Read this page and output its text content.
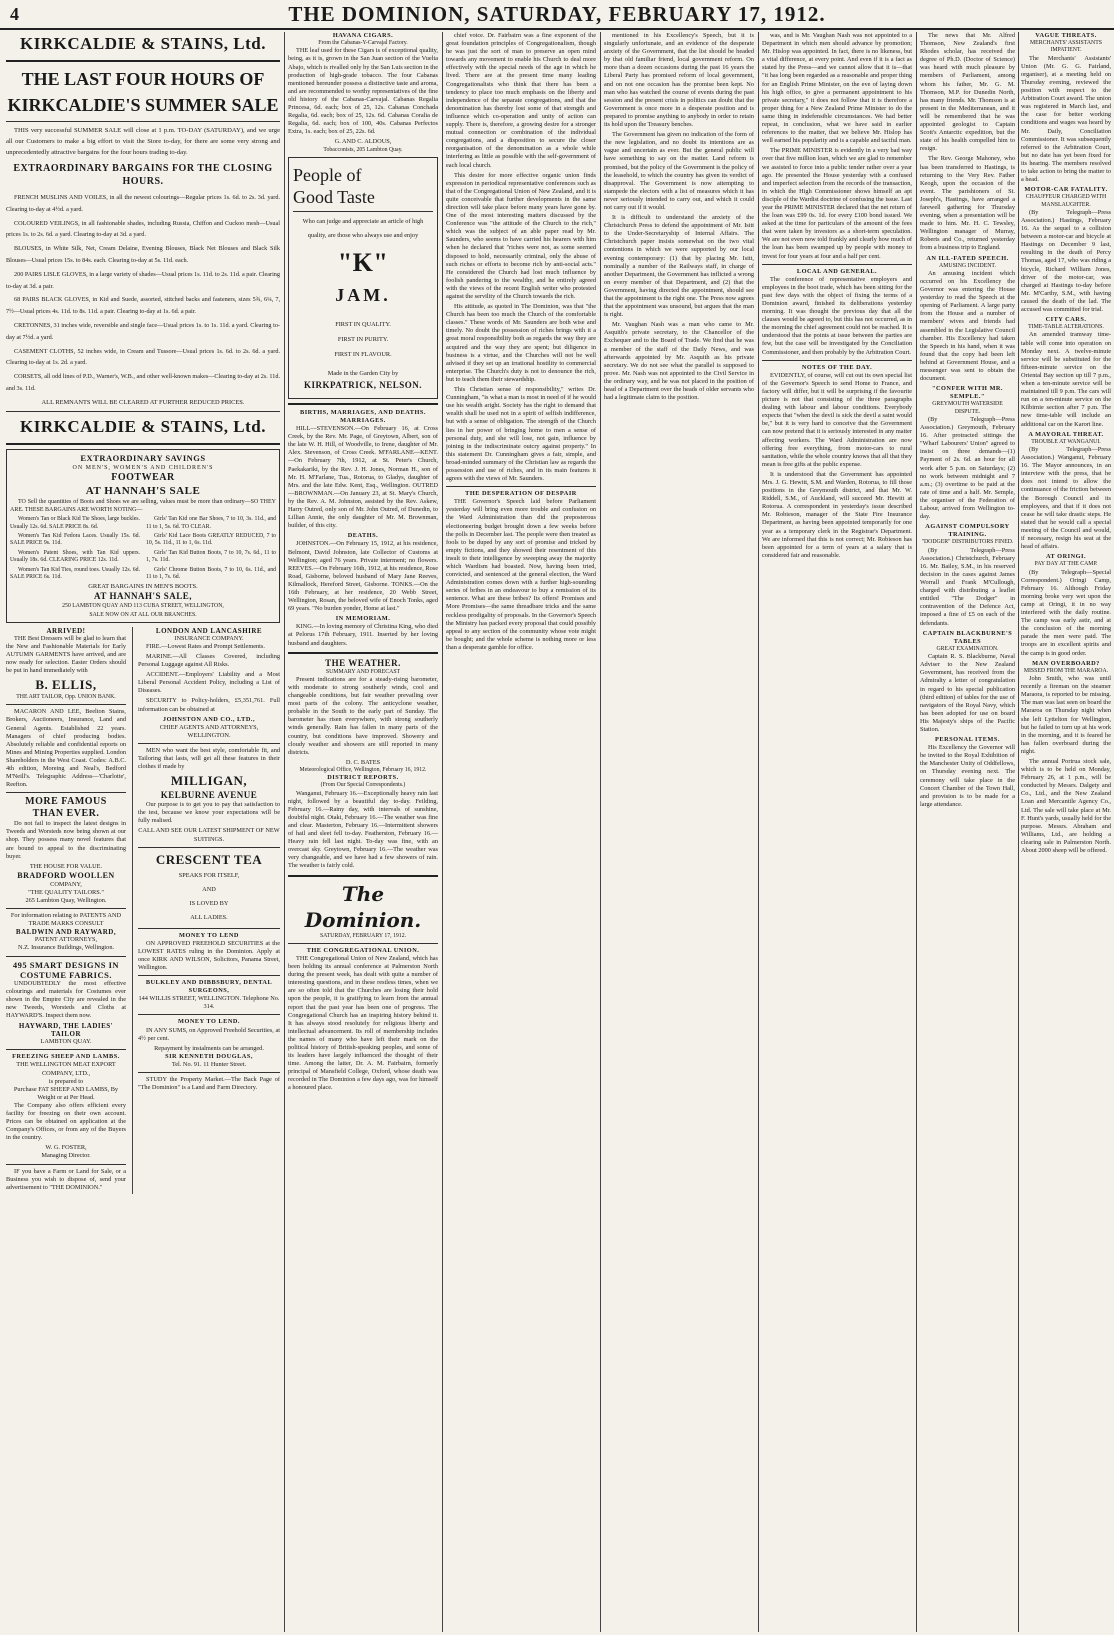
4	THE DOMINION, SATURDAY, FEBRUARY 17, 1912.
KIRKCALDIE & STAINS, Ltd.
THE LAST FOUR HOURS OF
KIRKCALDIE'S SUMMER SALE

THIS very successful SUMMER SALE will close at 1 p.m. TO-DAY (SATURDAY), and we urge all our Customers to make a big effort to visit the Store to-day, for there are some very strong and unprecedentedly attractive bargains for the four hours trading to-day.

EXTRAORDINARY BARGAINS FOR THE CLOSING HOURS.

FRENCH MUSLINS AND VOILES, in all the newest colourings—Regular prices 1s. 6d. to 2s. 3d. yard. Clearing to-day at 4½d. a yard.

COLOURED VEILINGS, in all fashionable shades, including Russia, Chiffon and Cuckoo mesh—Usual prices 1s. to 2s. 6d. a yard. Clearing to-day at 3d. a yard.

BLOUSES, in White Silk, Net, Cream Delaine, Evening Blouses, Black Net Blouses and Black Silk Blouses—Usual prices 15s. to 84s. each. Clearing to-day at 5s. 11d. each.

200 PAIRS LISLE GLOVES, in a large variety of shades—Usual prices 1s. 11d. to 2s. 11d. a pair. Clearing to-day at 3d. a pair.

68 PAIRS BLACK GLOVES, in Kid and Suede, assorted, stitched backs and fasteners, sizes 5¾, 6¼, 7, 7½—Usual prices 4s. 11d. to 8s. 11d. a pair. Clearing to-day at 1s. 6d. a pair.

CRETONNES, 31 inches wide, reversible and single face—Usual prices 1s. to 1s. 11d. a yard. Clearing to-day at 7½d. a yard.

CASEMENT CLOTHS, 52 inches wide, in Cream and Tussore—Usual prices 1s. 6d. to 2s. 6d. a yard. Clearing to-day at 1s. 2d. a yard.

CORSETS, all odd lines of P.D., Warner's, W.B., and other well-known makes—Clearing to-day at 2s. 11d. and 3s. 11d.

ALL REMNANTS WILL BE CLEARED AT FURTHER REDUCED PRICES.
KIRKCALDIE & STAINS, Ltd.
EXTRAORDINARY SAVINGS
ON MEN'S, WOMEN'S AND CHILDREN'S
FOOTWEAR
AT HANNAH'S SALE

TO Sell the quantities of Boots and Shoes we are selling, values must be more than ordinary—SO THEY ARE. THESE BARGAINS ARE WORTH NOTING—

Women's Tan or Black Kid Tie Shoes, large buckles. Usually 12s. 6d. SALE PRICE 8s. 6d.

Women's Tan Kid Fedora Laces. Usually 15s. 6d. SALE PRICE 9s. 11d.

Women's Patent Shoes, with Tan Kid uppers. Usually 18s. 6d. CLEARING PRICE 12s. 11d.

Women's Tan Kid Ties, round toes. Usually 12s. 6d. SALE PRICE 6s. 11d.

Girls' Tan Kid one Bar Shoes, 7 to 10, 3s. 11d., and 11 to 1, 5s. 6d. TO CLEAR.

Girls' Kid Lace Boots GREATLY REDUCED, 7 to 10, 5s. 11d., 11 to 1, 6s. 11d.

Girls' Tan Kid Button Boots, 7 to 10, 7s. 6d., 11 to 1, 7s. 11d.

Girls' Chrome Button Boots, 7 to 10, 6s. 11d., and 11 to 1, 7s. 6d.

GREAT BARGAINS IN MEN'S BOOTS.
AT HANNAH'S SALE,
250 LAMBTON QUAY AND 113 CUBA STREET, WELLINGTON,
SALE NOW ON AT ALL OUR BRANCHES.
ARRIVED!

THE Best Dressers will be glad to learn that the New and Fashionable Materials for Early AUTUMN GARMENTS have arrived, and are now ready for selection. Easter Orders should be put in hand immediately with

B. ELLIS,
THE ART TAILOR, Opp. UNION BANK.

MACARON AND LEE, Beelton Stains, Brokers, Auctioneers, Insurance, Land and General Agents. Established 22 years. Managers of chief producing bodies. Absolutely reliable and confidential reports on Mines and Mining Properties supplied. London Shareholders in the West Coast. Codes: A.B.C. 4th edition, Moreing and Neal's, Bedford M'Neill's. Telegraphic Address—'Charlotte', Reefton.

MORE FAMOUS
THAN EVER.

Do not fail to inspect the latest designs in Tweeds and Worsteds now being shown at our shop. They possess many novel features that are bound to appeal to the discriminating buyer.

THE HOUSE FOR VALUE.
BRADFORD WOOLLEN
COMPANY,
"THE QUALITY TAILORS."
265 Lambton Quay, Wellington.
For information relating to PATENTS AND TRADE MARKS CONSULT
BALDWIN AND RAYWARD,
PATENT ATTORNEYS,
N.Z. Insurance Buildings, Wellington.
495 SMART DESIGNS IN
COSTUME FABRICS.

UNDOUBTEDLY the most effective colourings and materials for Costumes ever shown in the Empire City are revealed in the new Tweeds, Worsteds and Cloths at HAYWARD'S. Inspect them now.

HAYWARD, THE LADIES' TAILOR
LAMBTON QUAY.
FREEZING SHEEP AND LAMBS.
THE WELLINGTON MEAT EXPORT COMPANY, LTD.,
is prepared to
Purchase FAT SHEEP AND LAMBS, By Weight or at Per Head.

The Company also offers efficient every facility for freezing on their own account. Prices can be obtained on application at the Company's Offices, or from any of the Buyers in the country.

W. G. FOSTER,
Managing Director.

IF you have a Farm or Land for Sale, or a Business you wish to dispose of, send your advertisement to "THE DOMINION."

LONDON AND LANCASHIRE
INSURANCE COMPANY.

FIRE.—Lowest Rates and Prompt Settlements.

MARINE.—All Classes Covered, including Personal Luggage against All Risks.

ACCIDENT.—Employers' Liability and a Most Liberal Personal Accident Policy, including a List of Diseases.

SECURITY to Policy-holders, £5,351,761. Full information can be obtained at

JOHNSTON AND CO., LTD.,
CHIEF AGENTS AND ATTORNEYS, WELLINGTON.

MEN who want the best style, comfortable fit, and Tailoring that lasts, will get all these features in their clothes if made by

MILLIGAN,
KELBURNE AVENUE

Our purpose is to get you to pay that satisfaction to the test, because we know your expectations will be fully realised.

CALL AND SEE OUR LATEST SHIPMENT OF NEW SUITINGS.
CRESCENT TEA
SPEAKS FOR ITSELF,
AND
IS LOVED BY
ALL LADIES.
MONEY TO LEND

ON APPROVED FREEHOLD SECURITIES at the LOWEST RATES ruling in the Dominion. Apply at once KIRK AND WILSON, Solicitors, Panama Street, Wellington.

BULKLEY AND DIBBSBURY, DENTAL SURGEONS,
144 WILLIS STREET, WELLINGTON. Telephone No. 314.
MONEY TO LEND.

IN ANY SUMS, on Approved Freehold Securities, at 4½ per cent.

Repayment by instalments can be arranged.
SIR KENNETH DOUGLAS,
Tel. No. 91. 11 Hunter Street.

STUDY the Property Market.—The Back Page of "The Dominion" is a Land and Farm Directory.

HAVANA CIGARS.
From the Cabanas-Y-Carvajal Factory.

THE leaf used for these Cigars is of exceptional quality, being, as it is, grown in the San Juan section of the Vuelta Abajo, which is rivalled only by the San Luis section in the production of high-grade tobacco. The four Cabanas mentioned hereunder possess a distinctive taste and aroma, and are recommended to worthy representatives of the fine old history of the Cabanas-Carvajal. Cabanas Regalia Princesa, 6d. each; box of 25, 12s. Cabanas Conchada Regalia, 6d. each; box of 25, 12s. 6d. Cabanas Coralia de Regalia, 6d. each; box of 100, 40s. Cabanas Perfectos Extra, 1s. each; box of 25, 22s. 6d.

G. AND C. ALDOUS,
Tobacconists, 205 Lambton Quay.
People of
Good Taste
Who can judge and appreciate an article of high quality, are those who always use and enjoy
"K"
JAM.
FIRST IN QUALITY.
FIRST IN PURITY.
FIRST IN FLAVOUR.
Made in the Garden City by
KIRKPATRICK, NELSON.
BIRTHS, MARRIAGES, AND DEATHS.
MARRIAGES.

HILL—STEVENSON.—On February 16, at Cross Creek, by the Rev. Mr. Page, of Greytown, Albert, son of the late W. H. Hill, of Woodville, to Irene, daughter of Mr. Alex. Stevenson, of Cross Creek. M'FARLANE—KENT.—On February 7th, 1912, at St. Peter's Church, Paekakariki, by the Rev. J. H. Jones, Norman H., son of Mr. H. M'Farlane, Tua., Rotorua, to Gladys, daughter of Mrs. and the late Edw. Kent, Esq., Wellington. OUTRED—BROWNMAN.—On January 23, at St. Mary's Church, by the Rev. A. M. Johnston, assisted by the Rev. Askew, Harry Outred, only son of Mr. John Outred, of Dunedin, to Lillian Annie, the only daughter of Mr. M. Brownman, builder, of this city.

DEATHS.

JOHNSTON.—On February 15, 1912, at his residence, Belmont, David Johnston, late Collector of Customs at Wellington; aged 76 years. Private interment; no flowers. REEVES.—On February 16th, 1912, at his residence, Rose Road, Gisborne, beloved husband of Mary Jane Reeves, Kilmallock, Hereford Street, Gisborne. TONKS.—On the 16th February, at her residence, 20 Webb Street, Wellington, Rosan, the beloved wife of Enoch Tonks, aged 69 years. "No burden yonder, Home at last."

IN MEMORIAM.

KING.—In loving memory of Christina King, who died at Pelorus 17th February, 1911. Inserted by her loving husband and daughters.

THE WEATHER.
SUMMARY AND FORECAST

Present indications are for a steady-rising barometer, with moderate to strong southerly winds, cool and changeable conditions, but fair weather prevailing over most parts of the colony. The anticyclone weather, probable in the South to the early part of Sunday. The barometer has risen everywhere, with strong southerly winds generally. Rain has fallen in many parts of the country, but conditions have improved. Showery and cloudy weather and showers are still reported in many districts.

D. C. BATES
Meteorological Office, Wellington, February 16, 1912.
DISTRICT REPORTS.
(From Our Special Correspondents.)

Wanganui, February 16.—Exceptionally heavy rain last night, followed by a beautiful day to-day. Feilding, February 16.—Rainy day, with intervals of sunshine, doubtful night. Otaki, February 16.—The weather was fine and clear. Masterton, February 16.—Intermittent showers of hail and sleet fell to-day. Featherston, February 16.—Heavy rain fell last night. To-day was fine, with an overcast sky. Greytown, February 16.—The weather was very changeable, and we have had a few showers of rain. The weather is fairly cold.

The Dominion.
SATURDAY, FEBRUARY 17, 1912.
THE CONGREGATIONAL UNION.

THE Congregational Union of New Zealand, which has been holding its annual conference at Palmerston North during the present week, has dealt with quite a number of interesting questions, and in these restless times, when we are so often told that the Churches are losing their hold upon the people, it is gratifying to learn from the annual report that the past year has been one of progress. The Congregational Church has an inspiring history behind it. It has always stood resolutely for religious liberty and intellectual advancement. Its roll of membership includes the names of many who have left their mark on the political history of British-speaking peoples, and some of its leaders have largely influenced the thought of their time. Among the latter, Dr. A. M. Fairbairn, formerly principal of Mansfield College, Oxford, whose death was recorded in The Dominion a few days ago, was for himself a honoured place.

chief voice. Dr. Fairbairn was a fine exponent of the great foundation principles of Congregationalism, though he was just the sort of man to preserve an open mind towards any movement to enable his Church to deal more effectively with the special needs of the age in which he lived. There are at the present time many leading Congregationalists who think that there has been a tendency to place too much emphasis on the liberty and independence of the separate congregations, and that the denomination has thereby lost some of that strength and influence which co-operation and unity of action can supply. There is, therefore, a growing desire for a stronger mutual connection or combination of the individual congregations, and a disposition to secure the closer reorganisation of the denomination as a whole while interfering as little as possible with the self-government of each local church.

This desire for more effective organic union finds expression in periodical representative conferences such as that of the Congregational Union of New Zealand, and it is quite conceivable that further developments in the same direction will take place before many years have gone by. One of the most interesting matters discussed by the Conference was "the attitude of the Church to the rich," which was the subject of an able paper read by Mr. Saunders, who seems to have carried his hearers with him when he declared that "riches were not, as some seemed disposed to hold, necessarily criminal, only the abuse of such riches or efforts to become rich by anti-social acts." He considered the Church had lost much influence by foolish pandering to the wealthy, and he entirely agreed with the views of the recent English writer who protested against the servility of the Church towards the rich.

His attitude, as quoted in The Dominion, was that "the Church has been too much the Church of the comfortable classes." These words of Mr. Saunders are both wise and timely. No doubt the possession of riches brings with it a great moral responsibility both as regards the way they are acquired and the way they are spent; but diligence in business is a virtue, and the Churches will not be well advised if they set up an irrational hostility to commercial enterprise. The Church's duty is not to denounce the rich, but to teach them their stewardship.

This Christian sense of responsibility," writes Dr. Cunningham, "is what a man is most in need of if he would use his wealth aright. Society has the right to demand that wealth shall be used not in a spirit of selfish indifference, but with a sense of obligation. The strength of the Church lies in her power of bringing home to men a sense of personal duty, and she will lose, not gain, influence by joining in the indiscriminate outcry against property." In this statement Dr. Cunningham gives a fair, simple, and broad-minded summary of the Christian law as regards the possession and use of riches, and in its main features it agrees with the views of Mr. Saunders.

THE DESPERATION OF DESPAIR

THE Governor's Speech laid before Parliament yesterday will bring even more trouble and confusion on the Ward Administration than did the preposterous electioneering budget brought down a few weeks before the polls in December last. The people were then treated as fools to be duped by any sort of promise and tricked by empty fictions, and they showed their resentment of this insult to their intelligence by sweeping away the majority which Wardism had boasted. Now, having been tried, convicted, and sentenced at the general election, the Ward Administration comes down with a further high-sounding series of bribes in an endeavour to buy a remission of its sentence. What are these bribes? Its offers! Promises and More Promises—the same threadbare tricks and the same reckless prodigality of proposals. In the Governor's Speech the Ministry has packed every proposal that could possibly appeal to any section of the community whose vote might be bought; and the whole scheme is nothing more or less than a desperate gamble for office.

mentioned in his Excellency's Speech, but it is singularly unfortunate, and an evidence of the desperate anxiety of the Government, that the list should be headed by that old familiar friend, local government reform. On more than a dozen occasions during the past 16 years the Liberal Party has promised reform of local government, and on not one occasion has the promise been kept. No man who has watched the course of events during the past session and the present crisis in politics can doubt that the Government is once more in a desperate position and is prepared to promise anything to anybody in order to retain its hold upon the Treasury benches.

The Government has given no indication of the form of the new legislation, and no doubt its intentions are as vague and uncertain as ever. But the general public will have something to say on the matter. Land reform is promised, but the policy of the Government is the policy of the leasehold, to which the country has given its verdict of disapproval. The Government is now attempting to stampede the electors with a list of measures which it has never seriously intended to carry out, and which it could not carry out if it would.

It is difficult to understand the anxiety of the Christchurch Press to defend the appointment of Mr. Isitt to the Under-Secretaryship of Internal Affairs. The Christchurch paper insists somewhat on the two vital contentions in which we were supported by our local evening contemporary: (1) that by placing Mr. Isitt, nominally a number of the Railways staff, in charge of another Department, the Government has inflicted a wrong on every member of that Department, and (2) that the Government, having directed the appointment, should see that the appointment is the right one. The Press now agrees that the appointment was unsound, but argues that the man is right.

Mr. Vaughan Nash was a man who came to Mr. Asquith's private secretary, to the Chancellor of the Exchequer and to the Board of Trade. We find that he was a member of the staff of the Daily News, and was afterwards appointed by Mr. Asquith as his private secretary. We do not see what the parallel is supposed to prove. Mr. Nash was not appointed to the Civil Service in the ordinary way, and he was not placed in the position of head of a Department over the heads of older servants who had a legitimate claim to the position.

was, and is Mr. Vaughan Nash was not appointed to a Department in which men should advance by promotion; Mr. Hislop was appointed. In fact, there is no likeness, but a vital difference, at every point. And even if it is a fact as stated by the Press—and we cannot allow that it is—that "it has long been regarded as a reasonable and proper thing for an English Prime Minister, on the eve of laying down his high office, to give a permanent appointment to his private secretary," it does not follow that it is therefore a proper thing for a New Zealand Prime Minister to do the same thing in indefensible circumstances. We had better repeat, in conclusion, what we have said in earlier references to the matter, that we believe Mr. Hislop has well earned his popularity and is a capable and tactful man.

The PRIME MINISTER is evidently in a very bad way over that five million loan, which we are glad to remember we assisted to force into a public tender rather over a year ago. He presented the House yesterday with a confused and imperfect selection from the records of the transaction, in which the High Commissioner shows himself an apt disciple of the Wardist doctrine of confusing the issue. Last year the PRIME MINISTER declared that the net return of the loan was £99 0s. 1d. for every £100 bond issued. We asked at the time for particulars of the amount of the fees that were taken by investors as a short-term speculation. We are not even now told frankly and clearly how much of the loan has been swamped up by people with money to invest for four years at four and a half per cent.

LOCAL AND GENERAL.

The conference of representative employers and employees in the boot trade, which has been sitting for the past few days with the object of fixing the terms of a Dominion award, finished its deliberations yesterday morning. It was thought the previous day that all the clauses would be agreed to, but this has not occurred, as in the morning the chief agreement could not be reached. It is understood that the points at issue between the parties are few, but the case will be investigated by the Conciliation Commissioner, and then probably by the Arbitration Court.

NOTES OF THE DAY.

EVIDENTLY, of course, will cut out its own special list of the Governor's Speech to send Home to France, and factory will differ, but it will be surprising if the favourite picture is not that consisting of the three paragraphs dealing with labour and labour conditions. Everybody expects that "when the devil is sick the devil a saint would be," but it is very hard to conceive that the Government can now pretend that it is seriously interested in any matter affecting workers. The Ward Administration are now offering free everything, from motor-cars to rural sanitation, while the whole country knows that all that they mean is free gifts at the public expense.

It is understood that the Government has appointed Mrs. J. G. Hewitt, S.M. and Warden, Rotorua, to fill those positions in the Greymouth district, and that Mr. W. Riddell, S.M., of Auckland, will succeed Mr. Hewitt at Rotorua. A correspondent in yesterday's issue described Mr. Robieson, manager of the State Fire Insurance Department, as having been appointed temporarily for one year as a temporary clerk in the Registrar's Department. We are informed that this is not correct; Mr. Robieson has been appointed for a term of years at a salary that is considered fair and reasonable.

The news that Mr. Alfred Thomson, New Zealand's first Rhodes scholar, has received the degree of Ph.D. (Doctor of Science) was heard with much pleasure by members of Parliament, among whom his father, Mr. G. M. Thomson, M.P. for Dunedin North, has many friends. Mr. Thomson is at present in the Mediterranean, and it will be remembered that he was appointed geologist to Captain Scott's Antarctic expedition, but the state of his health compelled him to resign.

The Rev. George Mahoney, who has been transferred to Hastings, is returning to the Very Rev. Father Keogh, upon the occasion of the event. The parishioners of St. Joseph's, Hastings, have arranged a farewell gathering for Thursday evening, when a presentation will be made to him. Mr. H. C. Tewsley, Wellington manager of Murray, Roberts and Co., returned yesterday from a business trip to England.

AN ILL-FATED SPEECH.
AMUSING INCIDENT.

An amusing incident which occurred on his Excellency the Governor was entering the House yesterday to read the Speech at the opening of Parliament. A large party from the House and a number of members' wives and friends had assembled in the Legislative Council chamber. His Excellency had taken the Speech in his hand, when it was found that the copy had been left behind at Government House, and a messenger was sent to obtain the document.

"CONFER WITH MR. SEMPLE."
GREYMOUTH WATERSIDE DISPUTE.

(By Telegraph—Press Association.) Greymouth, February 16. After protracted sittings the "Wharf Labourers' Union" agreed to insist on three demands—(1) Payment of 2s. 6d. an hour for all work after 5 p.m. on Saturdays; (2) no work between midnight and 7 a.m.; (3) overtime to be paid at the rate of time and a half. Mr. Semple, the organiser of the Federation of Labour, arrived from Wellington to-day.

AGAINST COMPULSORY TRAINING.
"DODGER" DISTRIBUTORS FINED.

(By Telegraph—Press Association.) Christchurch, February 16. Mr. Bailey, S.M., in his reserved decision in the cases against James Worrall and Frank M'Cullough, charged with distributing a leaflet entitled "The Dodger" in contravention of the Defence Act, imposed a fine of £5 on each of the defendants.

CAPTAIN BLACKBURNE'S TABLES
GREAT EXAMINATION.

Captain R. S. Blackburne, Naval Adviser to the New Zealand Government, has received from the Admiralty a letter of congratulation in regard to his special publication (third edition) of tables for the use of navigators of the Royal Navy, which has been adopted for use on board His Majesty's ships of the Pacific Station.

PERSONAL ITEMS.

His Excellency the Governor will be invited to the Royal Exhibition of the Manchester Unity of Oddfellows, on Thursday evening next. The ceremony will take place in the Concert Chamber of the Town Hall, and provision is to be made for a large attendance.

VAGUE THREATS.
MERCHANTS' ASSISTANTS IMPATIENT.

The Merchants' Assistants' Union (Mr. G. G. Fairland, organiser), at a meeting held on Thursday evening, reviewed the position with respect to the Arbitration Court award. The union was registered in March last, and the case for better working conditions and wages was heard by Mr. Daily, Conciliation Commissioner. It was subsequently referred to the Arbitration Court, but no date has yet been fixed for its hearing. The members resolved to take action to bring the matter to a head.

MOTOR-CAR FATALITY.
CHAUFFEUR CHARGED WITH MANSLAUGHTER.

(By Telegraph—Press Association.) Hastings, February 16. As the sequel to a collision between a motor-car and bicycle at Hastings on December 9 last, resulting in the death of Percy Thomas, aged 17, who was riding a bicycle, Richard William Jones, driver of the motor-car, was charged at Hastings to-day before Mr. M'Carthy, S.M., with having caused the death of the lad. The accused was committed for trial.

CITY CARS.
TIME-TABLE ALTERATIONS.

An amended tramway time-table will come into operation on Monday next. A twelve-minute service will be substituted for the fifteen-minute service on the Oriental Bay section up till 7 p.m., when a ten-minute service will be maintained till 9 p.m. The cars will run on a ten-minute service on the Kilbirnie section after 7 p.m. The new time-table will include an additional car on the Karori line.

A MAYORAL THREAT.
TROUBLE AT WANGANUI.

(By Telegraph—Press Association.) Wanganui, February 16. The Mayor announces, in an interview with the press, that he does not intend to allow the continuance of the friction between the Borough Council and its employees, and that if it does not cease he will take drastic steps. He stated that he would call a special meeting of the Council and would, if necessary, resign his seat at the head of affairs.

AT ORINGI.
PAY DAY AT THE CAMP.

(By Telegraph—Special Correspondent.) Oringi Camp, February 16. Although Friday morning broke very wet upon the camp at Oringi, it in no way interfered with the daily routine. The camp was early astir, and at the conclusion of the morning parade the men were paid. The troops are in excellent spirits and the camp is in good order.

MAN OVERBOARD?
MISSED FROM THE MARAROA.

John Smith, who was until recently a fireman on the steamer Maraora, is reported to be missing. The man was last seen on board the Mararoa on Thursday night when she left Lyttelton for Wellington, but he failed to turn up at his work in the morning, and it is feared he has fallen overboard during the night.

The annual Porirua stock sale, which is to be held on Monday, February 26, at 1 p.m., will be conducted by Messrs. Dalgety and Co., Ltd., and the New Zealand Loan and Mercantile Agency Co., Ltd. The sale will take place at Mr. F. Hunt's yards, usually held for the purpose. Messrs. Abraham and Williams, Ltd., are holding a clearing sale in Palmerston North. About 2000 sheep will be offered.
